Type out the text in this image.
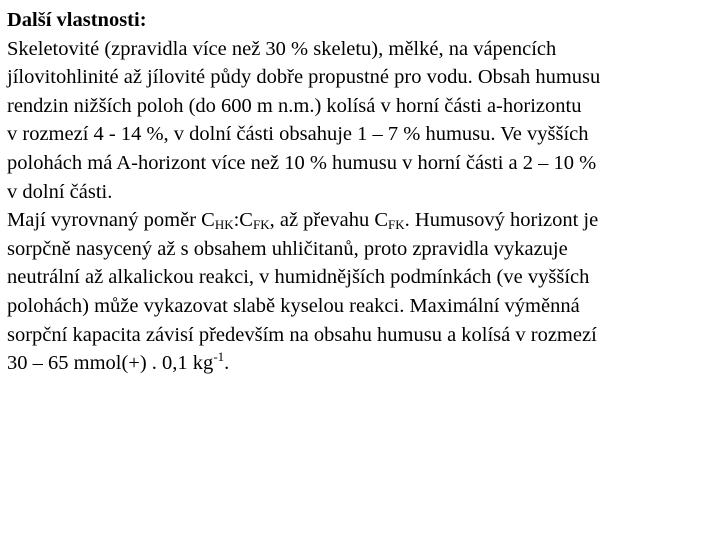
Další vlastnosti:
Skeletovité (zpravidla více než 30 % skeletu), mělké, na vápencích
jílovitohlinité až jílovité půdy dobře propustné pro vodu. Obsah humusu
rendzin nižších poloh (do 600 m n.m.) kolísá v horní části a-horizontu
v rozmezí 4 - 14 %, v dolní části obsahuje 1 – 7 % humusu. Ve vyšších
polohách má A-horizont více než 10 % humusu v horní části a 2 – 10 %
v dolní části.
Mají vyrovnaný poměr $C_{HK}:C_{FK}$, až převahu $C_{FK}$. Humusový horizont je
sorpčně nasycený až s obsahem uhličitanů, proto zpravidla vykazuje
neutrální až alkalickou reakci, v humidnějších podmínkách (ve vyšších
polohách) může vykazovat slabě kyselou reakci. Maximální výměnná
sorpční kapacita závisí především na obsahu humusu a kolísá v rozmezí
30 – 65 mmol(+) . 0,1 $kg^{-1}$.
